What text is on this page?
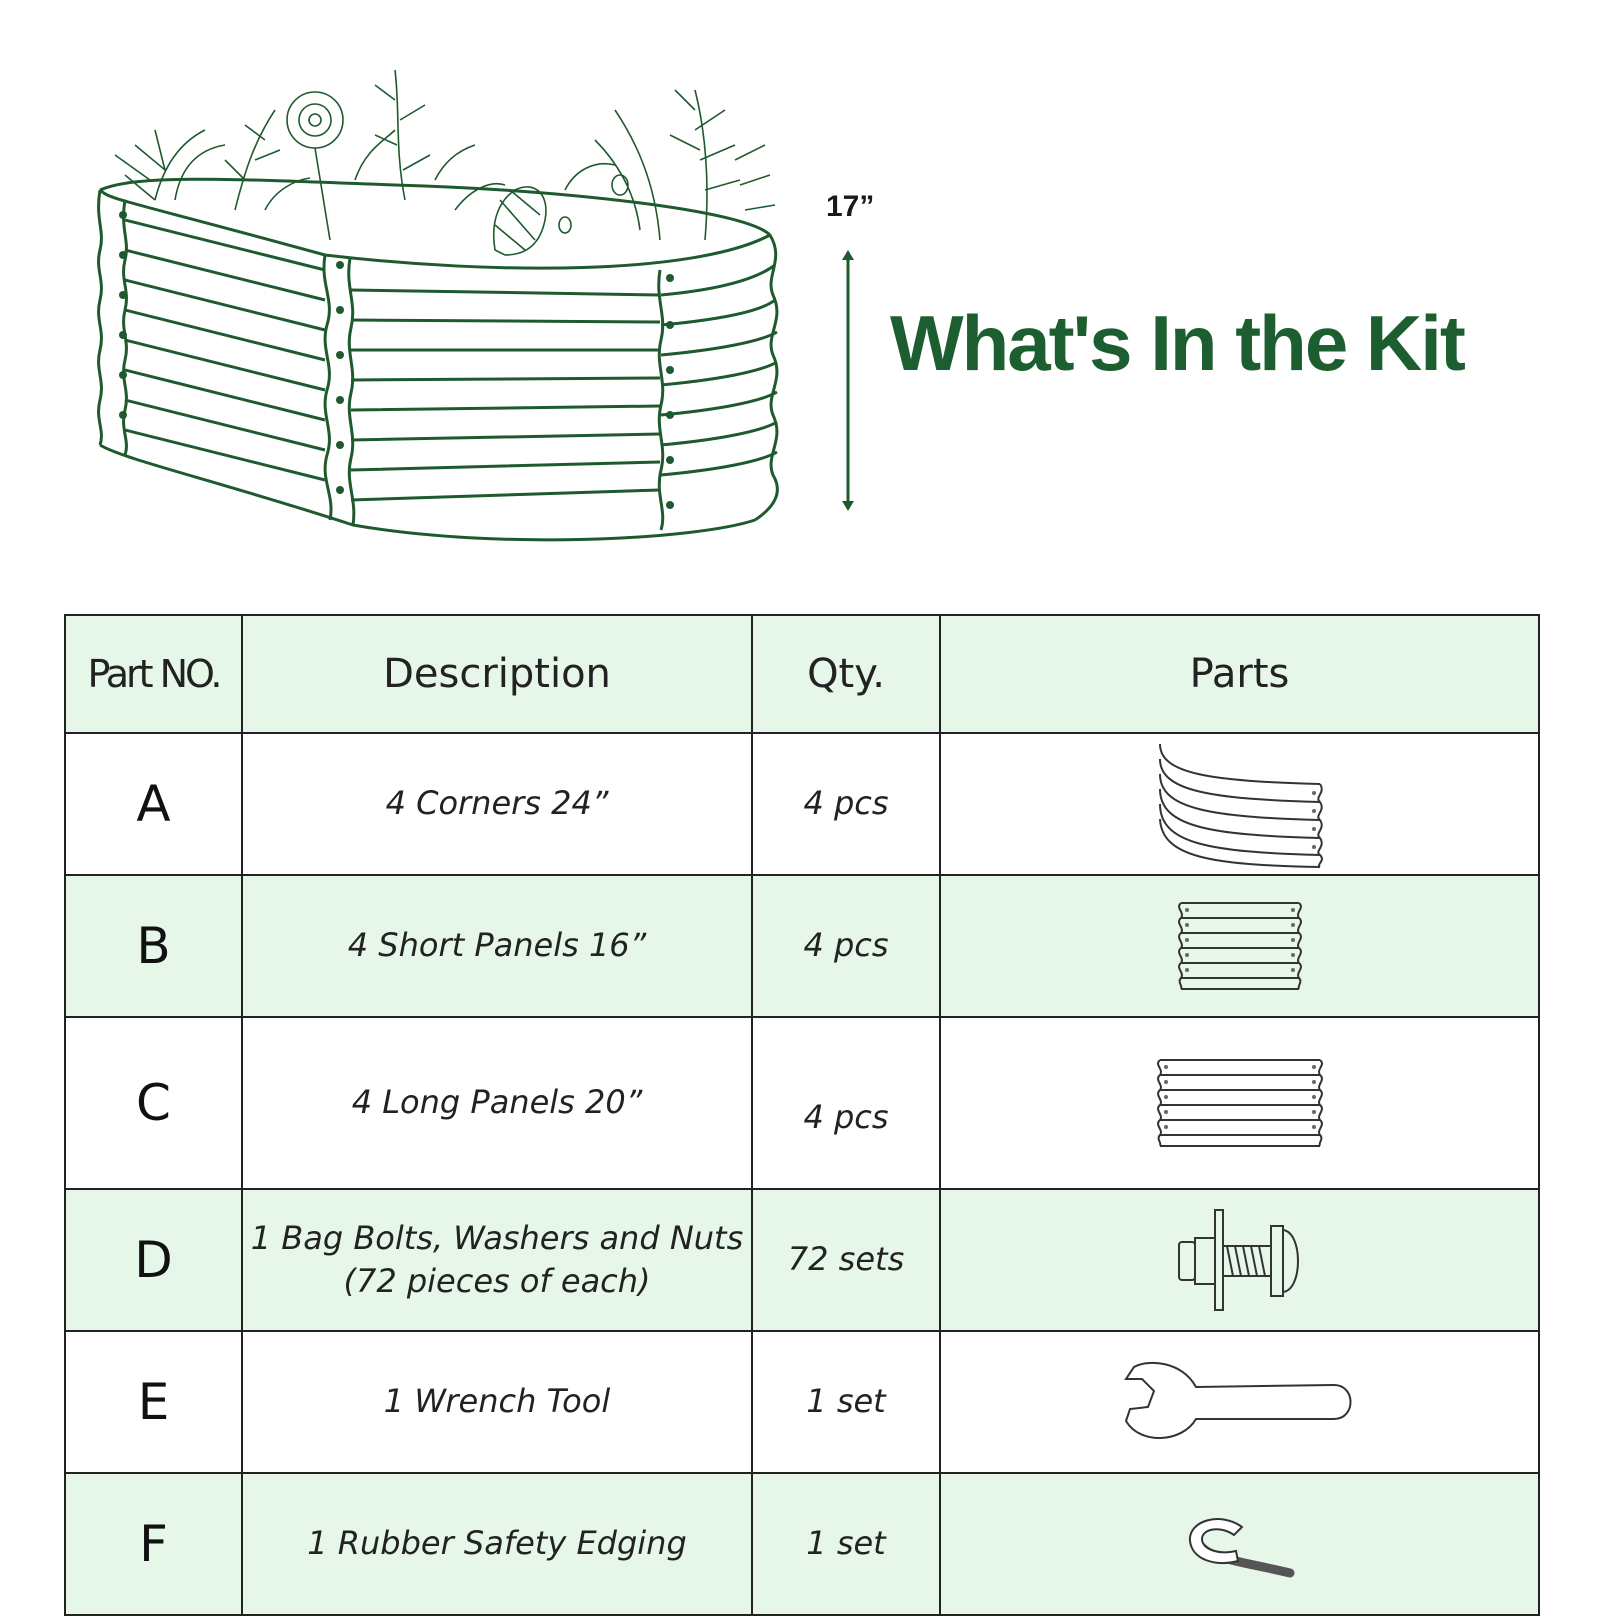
17”
What's In the Kit
Part NO.	Description	Qty.	Parts
A	4 Corners 24”	4 pcs	

B	4 Short Panels 16”	4 pcs	

C	4 Long Panels 20”	4 pcs	

D	1 Bag Bolts, Washers and Nuts
(72 pieces of each)	72 sets	

E	1 Wrench Tool	1 set	

F	1 Rubber Safety Edging	1 set	
